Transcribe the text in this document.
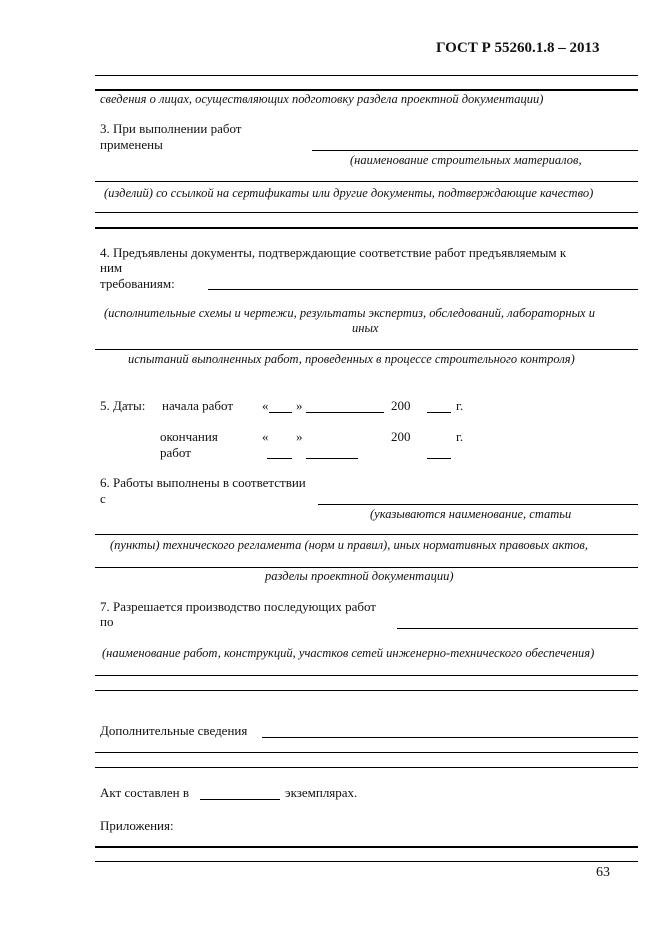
ГОСТ Р 55260.1.8 – 2013
сведения о лицах, осуществляющих подготовку раздела проектной документации)
3. При выполнении работ
применены
(наименование строительных материалов,
(изделий) со ссылкой на сертификаты или другие документы, подтверждающие качество)
4. Предъявлены документы, подтверждающие соответствие работ предъявляемым к
ним
требованиям:
(исполнительные схемы и чертежи, результаты экспертиз, обследований, лабораторных и
иных
испытаний выполненных работ, проведенных в процессе строительного контроля)
5. Даты: начала работ « »	200	г.
окончания
работ
« »	200	г.
6. Работы выполнены в соответствии
с
(указываются наименование, статьи
(пункты) технического регламента (норм и правил), иных нормативных правовых актов,
разделы проектной документации)
7. Разрешается производство последующих работ
по
(наименование работ, конструкций, участков сетей инженерно-технического обеспечения)
Дополнительные сведения
Акт составлен в	экземплярах.
Приложения:
63
